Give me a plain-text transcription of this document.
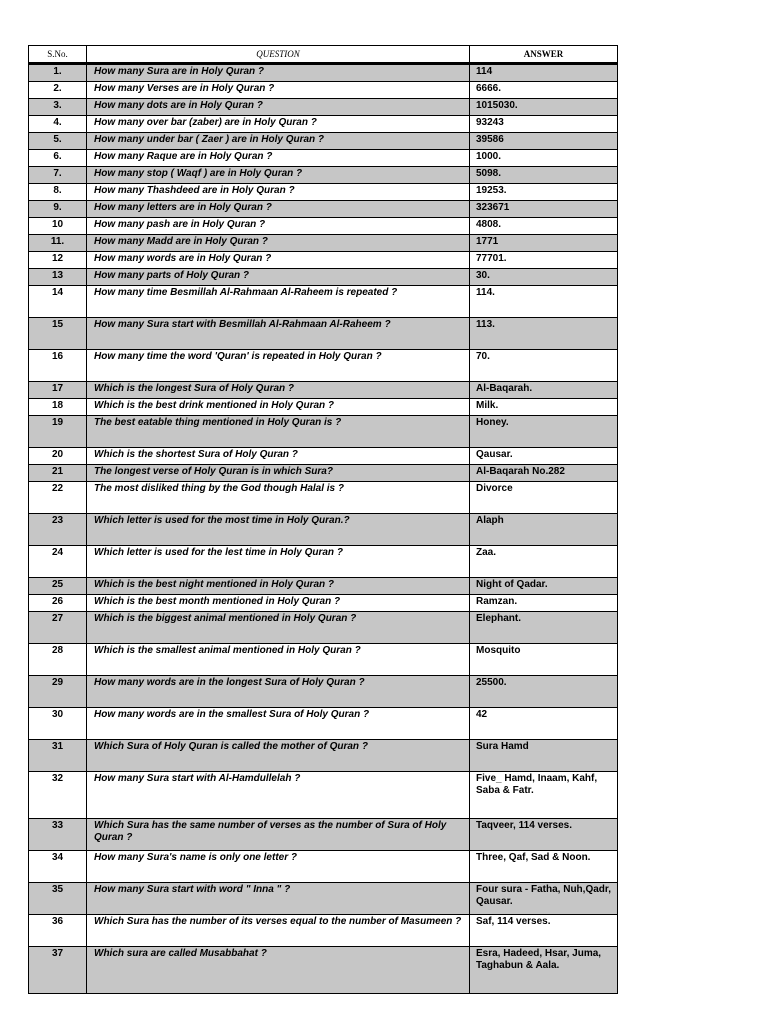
S.No.	QUESTION	ANSWER
1.	How many Sura are in Holy Quran ?	114
2.	How many Verses are in Holy Quran ?	6666.
3.	How many dots are in Holy Quran ?	1015030.
4.	How many over bar (zaber) are in Holy Quran ?	93243
5.	How many under bar ( Zaer ) are in Holy Quran ?	39586
6.	How many Raque are in Holy Quran ?	1000.
7.	How many stop ( Waqf ) are in Holy Quran ?	5098.
8.	How many Thashdeed are in Holy Quran ?	19253.
9.	How many letters are in Holy Quran ?	323671
10	How many pash are in Holy Quran ?	4808.
11.	How many Madd are in Holy Quran ?	1771
12	How many words are in Holy Quran ?	77701.
13	How many parts of Holy Quran ?	30.
14	How many time Besmillah Al-Rahmaan Al-Raheem is repeated ?	114.
15	How many Sura start with Besmillah Al-Rahmaan Al-Raheem ?	113.
16	How many time the word 'Quran' is repeated in Holy Quran ?	70.
17	Which is the longest Sura of Holy Quran ?	Al-Baqarah.
18	Which is the best drink mentioned in Holy Quran ?	Milk.
19	The best eatable thing mentioned in Holy Quran is ?	Honey.
20	Which is the shortest Sura of Holy Quran ?	Qausar.
21	The longest verse of Holy Quran is in which Sura?	Al-Baqarah No.282
22	The most disliked thing by the God though Halal is ?	Divorce
23	Which letter is used for the most time in Holy Quran.?	Alaph
24	Which letter is used for the lest time in Holy Quran ?	Zaa.
25	Which is the best night mentioned in Holy Quran ?	Night of Qadar.
26	Which is the best month mentioned in Holy Quran ?	Ramzan.
27	Which is the biggest animal mentioned in Holy Quran ?	Elephant.
28	Which is the smallest animal mentioned in Holy Quran ?	Mosquito
29	How many words are in the longest Sura of Holy Quran ?	25500.
30	How many words are in the smallest Sura of Holy Quran ?	42
31	Which Sura of Holy Quran is called the mother of Quran ?	Sura Hamd
32	How many Sura start with Al-Hamdullelah ?	Five_ Hamd, Inaam, Kahf, Saba & Fatr.
33	Which Sura has the same number of verses as the number of Sura of Holy Quran ?	Taqveer, 114 verses.
34	How many Sura's name is only one letter ?	Three, Qaf, Sad & Noon.
35	How many Sura start with word " Inna " ?	Four sura - Fatha, Nuh,Qadr, Qausar.
36	Which Sura has the number of its verses equal to the number of Masumeen ?	Saf, 114 verses.
37	Which sura are called Musabbahat ?	Esra, Hadeed, Hsar, Juma, Taghabun & Aala.
